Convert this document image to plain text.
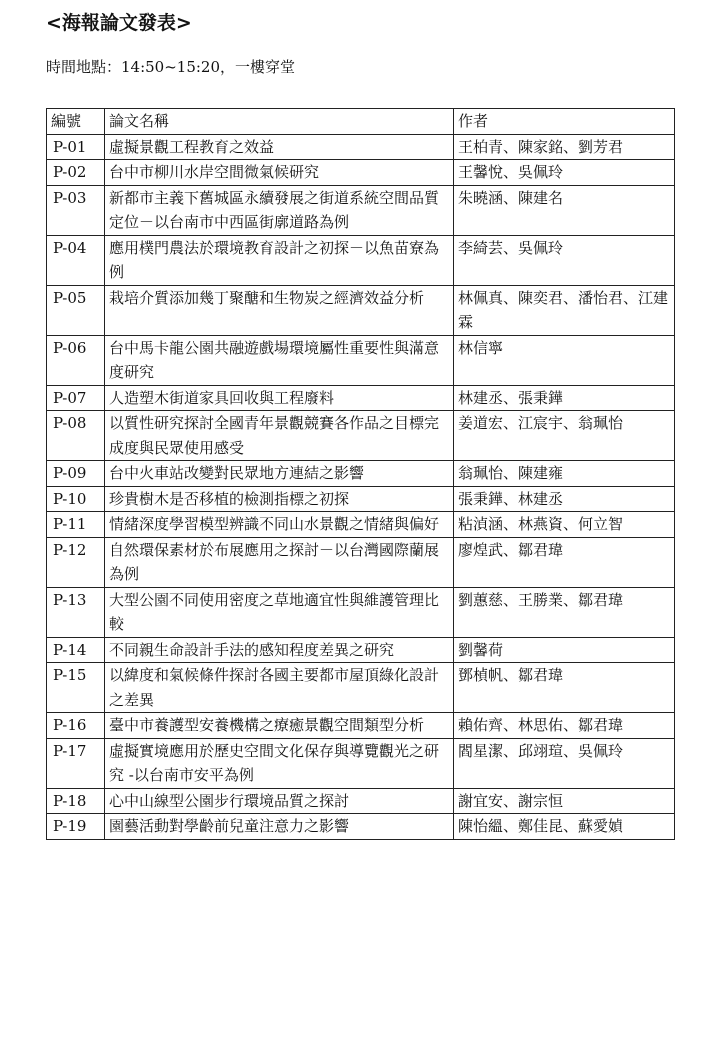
<海報論文發表>
時間地點：14:50~15:20，一樓穿堂
編號	論文名稱	作者
P-01	虛擬景觀工程教育之效益	王柏青、陳家銘、劉芳君
P-02	台中市柳川水岸空間微氣候研究	王馨悅、吳佩玲
P-03	新都市主義下舊城區永續發展之街道系統空間品質定位－以台南市中西區街廓道路為例	朱曉涵、陳建名
P-04	應用樸門農法於環境教育設計之初探－以魚苗寮為例	李綺芸、吳佩玲
P-05	栽培介質添加幾丁聚醣和生物炭之經濟效益分析	林佩真、陳奕君、潘怡君、江建霖
P-06	台中馬卡龍公園共融遊戲場環境屬性重要性與滿意度研究	林信寧
P-07	人造塑木街道家具回收與工程廢料	林建丞、張秉鏵
P-08	以質性研究探討全國青年景觀競賽各作品之目標完成度與民眾使用感受	姜道宏、江宸宇、翁珮怡
P-09	台中火車站改變對民眾地方連結之影響	翁珮怡、陳建雍
P-10	珍貴樹木是否移植的檢測指標之初探	張秉鏵、林建丞
P-11	情緒深度學習模型辨識不同山水景觀之情緒與偏好	粘湞涵、林燕資、何立智
P-12	自然環保素材於布展應用之探討－以台灣國際蘭展為例	廖煌武、鄒君瑋
P-13	大型公園不同使用密度之草地適宜性與維護管理比較	劉蕙慈、王勝業、鄒君瑋
P-14	不同親生命設計手法的感知程度差異之研究	劉馨荷
P-15	以緯度和氣候條件探討各國主要都市屋頂綠化設計之差異	鄧楨帆、鄒君瑋
P-16	臺中市養護型安養機構之療癒景觀空間類型分析	賴佑齊、林思佑、鄒君瑋
P-17	虛擬實境應用於歷史空間文化保存與導覽觀光之研究 -以台南市安平為例	閻星潔、邱翊瑄、吳佩玲
P-18	心中山線型公園步行環境品質之探討	謝宜安、謝宗恒
P-19	園藝活動對學齡前兒童注意力之影響	陳怡縕、鄭佳昆、蘇愛媜
